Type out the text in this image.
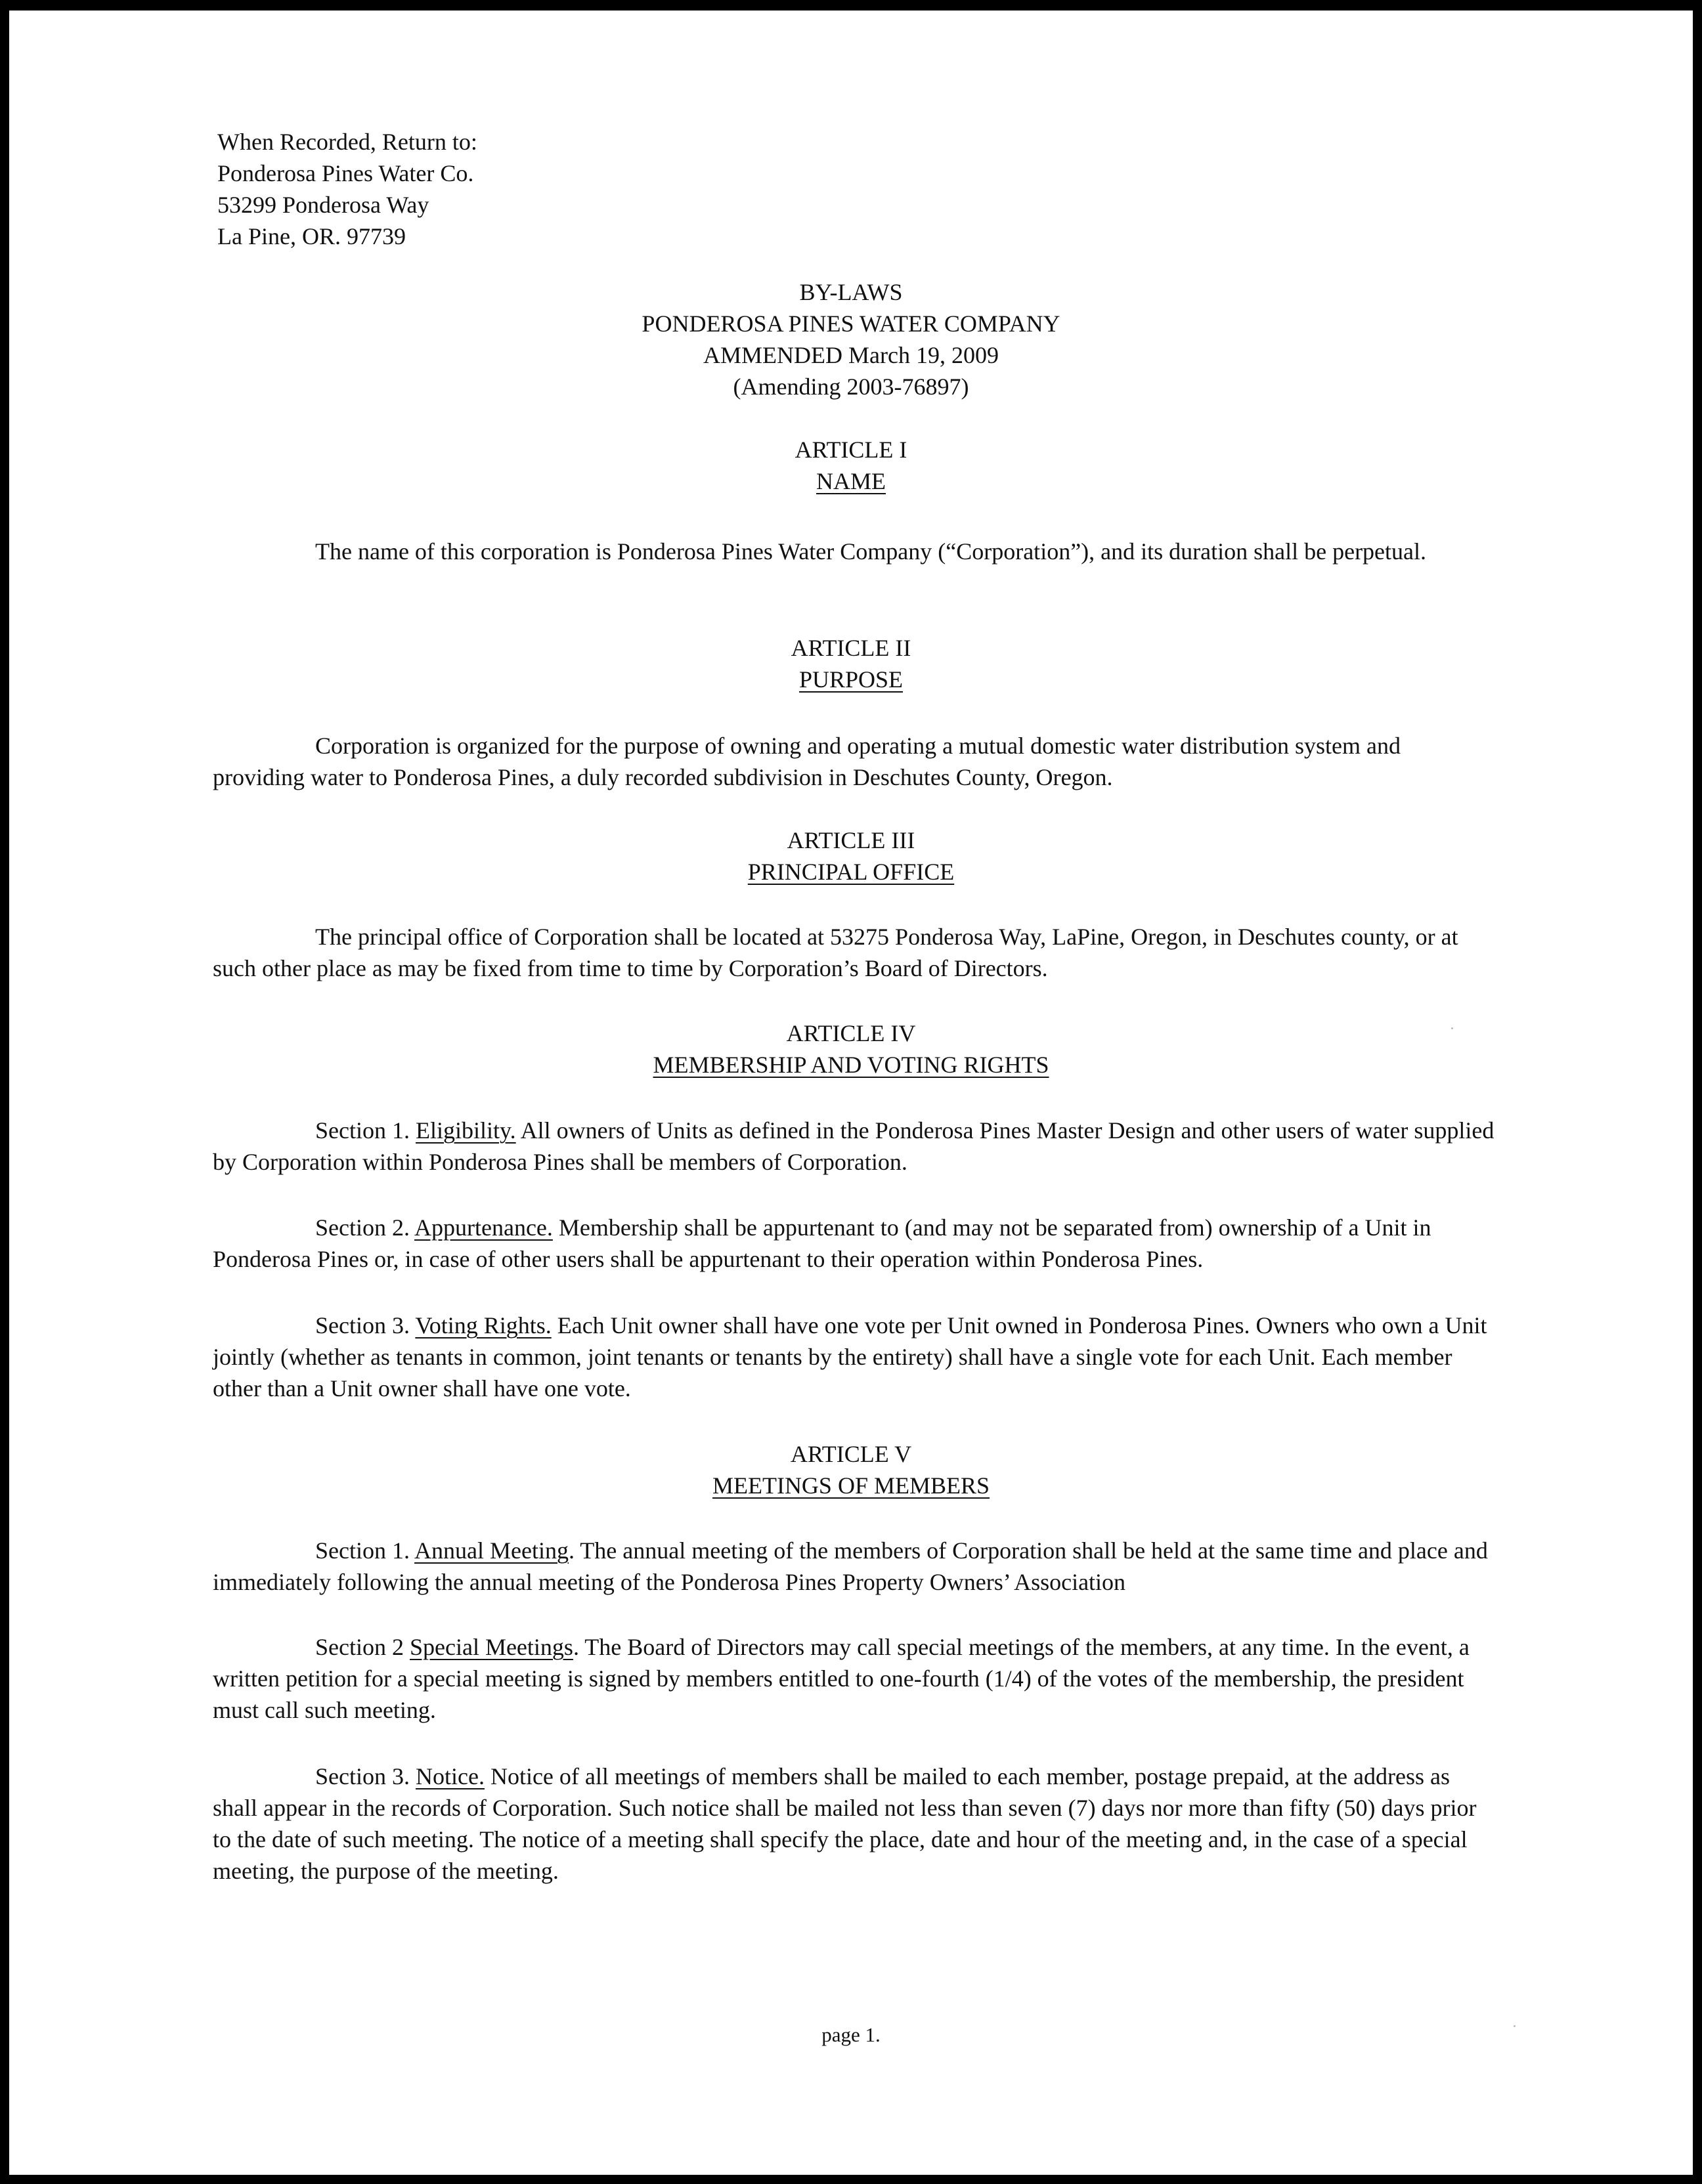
When Recorded, Return to:
Ponderosa Pines Water Co.
53299 Ponderosa Way
La Pine, OR. 97739
BY-LAWS
PONDEROSA PINES WATER COMPANY
AMMENDED March 19, 2009
(Amending 2003-76897)
ARTICLE I
NAME

The name of this corporation is Ponderosa Pines Water Company (“Corporation”), and its duration shall be perpetual.

ARTICLE II
PURPOSE

Corporation is organized for the purpose of owning and operating a mutual domestic water distribution system and providing water to Ponderosa Pines, a duly recorded subdivision in Deschutes County, Oregon.

ARTICLE III
PRINCIPAL OFFICE

The principal office of Corporation shall be located at 53275 Ponderosa Way, LaPine, Oregon, in Deschutes county, or at such other place as may be fixed from time to time by Corporation’s Board of Directors.

ARTICLE IV
MEMBERSHIP AND VOTING RIGHTS

Section 1. Eligibility. All owners of Units as defined in the Ponderosa Pines Master Design and other users of water supplied by Corporation within Ponderosa Pines shall be members of Corporation.

Section 2. Appurtenance. Membership shall be appurtenant to (and may not be separated from) ownership of a Unit in Ponderosa Pines or, in case of other users shall be appurtenant to their operation within Ponderosa Pines.

Section 3. Voting Rights. Each Unit owner shall have one vote per Unit owned in Ponderosa Pines. Owners who own a Unit jointly (whether as tenants in common, joint tenants or tenants by the entirety) shall have a single vote for each Unit. Each member other than a Unit owner shall have one vote.

ARTICLE V
MEETINGS OF MEMBERS

Section 1. Annual Meeting. The annual meeting of the members of Corporation shall be held at the same time and place and immediately following the annual meeting of the Ponderosa Pines Property Owners’ Association

Section 2 Special Meetings. The Board of Directors may call special meetings of the members, at any time. In the event, a written petition for a special meeting is signed by members entitled to one-fourth (1/4) of the votes of the membership, the president must call such meeting.

Section 3. Notice. Notice of all meetings of members shall be mailed to each member, postage prepaid, at the address as shall appear in the records of Corporation. Such notice shall be mailed not less than seven (7) days nor more than fifty (50) days prior to the date of such meeting. The notice of a meeting shall specify the place, date and hour of the meeting and, in the case of a special meeting, the purpose of the meeting.

page 1.
